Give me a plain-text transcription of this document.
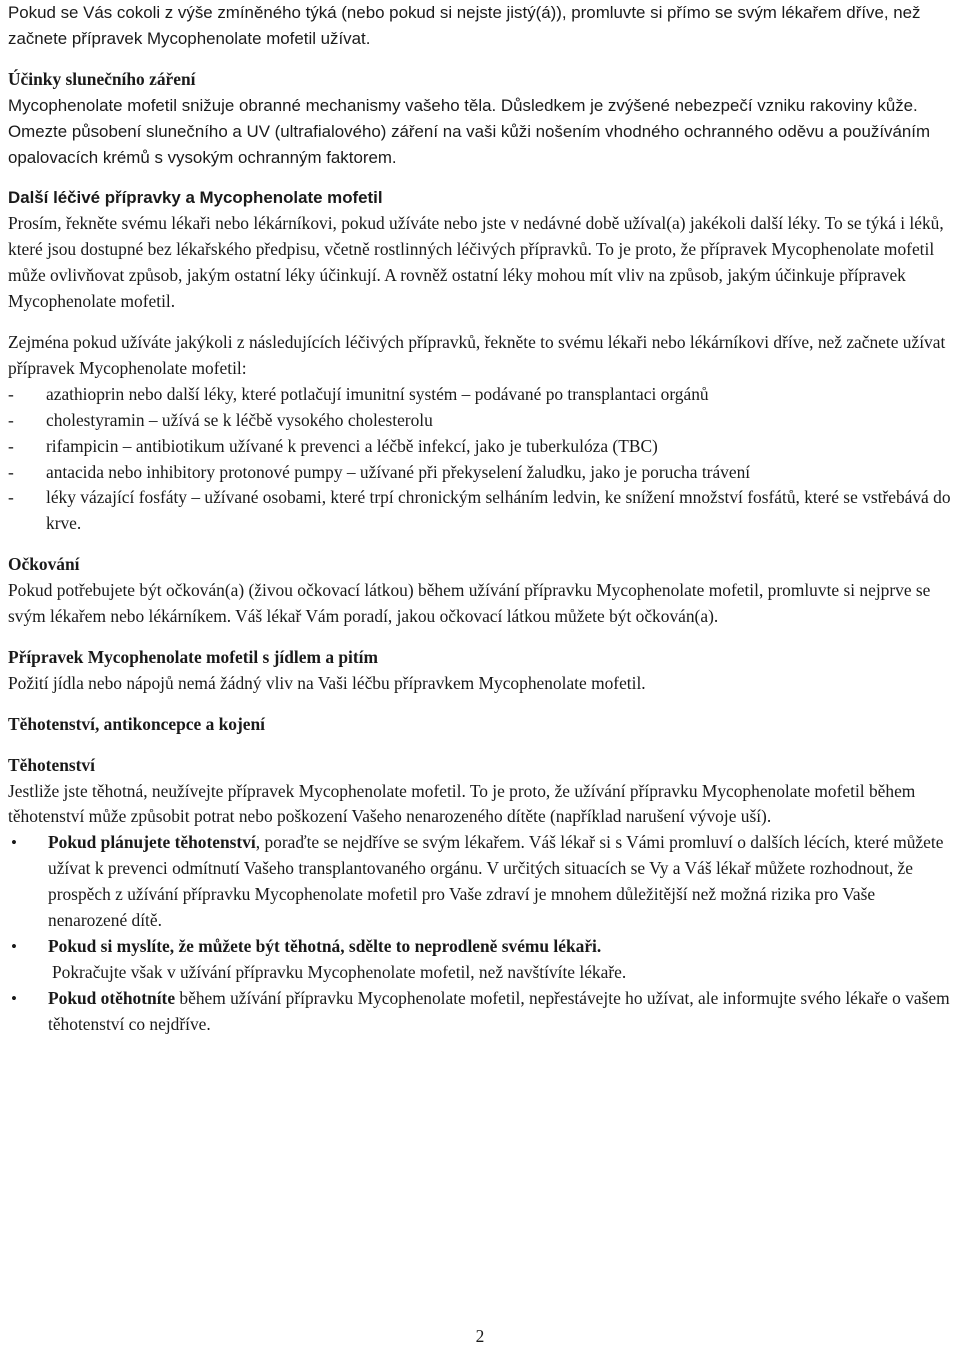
Pokud se Vás cokoli z výše zmíněného týká (nebo pokud si nejste jistý(á)), promluvte si přímo se svým lékařem dříve, než začnete přípravek Mycophenolate mofetil užívat.

Účinky slunečního záření

Mycophenolate mofetil snižuje obranné mechanismy vašeho těla. Důsledkem je zvýšené nebezpečí vzniku rakoviny kůže. Omezte působení slunečního a UV (ultrafialového) záření na vaši kůži nošením vhodného ochranného oděvu a používáním opalovacích krémů s vysokým ochranným faktorem.

Další léčivé přípravky a Mycophenolate mofetil

Prosím, řekněte svému lékaři nebo lékárníkovi, pokud užíváte nebo jste v nedávné době užíval(a) jakékoli další léky. To se týká i léků, které jsou dostupné bez lékařského předpisu, včetně rostlinných léčivých přípravků. To je proto, že přípravek Mycophenolate mofetil může ovlivňovat způsob, jakým ostatní léky účinkují. A rovněž ostatní léky mohou mít vliv na způsob, jakým účinkuje přípravek Mycophenolate mofetil.

Zejména pokud užíváte jakýkoli z následujících léčivých přípravků, řekněte to svému lékaři nebo lékárníkovi dříve, než začnete užívat přípravek Mycophenolate mofetil:

- azathioprin nebo další léky, které potlačují imunitní systém – podávané po transplantaci orgánů
- cholestyramin – užívá se k léčbě vysokého cholesterolu
- rifampicin – antibiotikum užívané k prevenci a léčbě infekcí, jako je tuberkulóza (TBC)
- antacida nebo inhibitory protonové pumpy – užívané při překyselení žaludku, jako je porucha trávení
- léky vázající fosfáty – užívané osobami, které trpí chronickým selháním ledvin, ke snížení množství fosfátů, které se vstřebává do krve.

Očkování

Pokud potřebujete být očkován(a) (živou očkovací látkou) během užívání přípravku Mycophenolate mofetil, promluvte si nejprve se svým lékařem nebo lékárníkem. Váš lékař Vám poradí, jakou očkovací látkou můžete být očkován(a).

Přípravek Mycophenolate mofetil s jídlem a pitím

Požití jídla nebo nápojů nemá žádný vliv na Vaši léčbu přípravkem Mycophenolate mofetil.

Těhotenství, antikoncepce a kojení

Těhotenství

Jestliže jste těhotná, neužívejte přípravek Mycophenolate mofetil. To je proto, že užívání přípravku Mycophenolate mofetil během těhotenství může způsobit potrat nebo poškození Vašeho nenarozeného dítěte (například narušení vývoje uší).

• Pokud plánujete těhotenství, poraďte se nejdříve se svým lékařem. Váš lékař si s Vámi promluví o dalších lécích, které můžete užívat k prevenci odmítnutí Vašeho transplantovaného orgánu. V určitých situacích se Vy a Váš lékař můžete rozhodnout, že prospěch z užívání přípravku Mycophenolate mofetil pro Vaše zdraví je mnohem důležitější než možná rizika pro Vaše nenarozené dítě.
• Pokud si myslíte, že můžete být těhotná, sdělte to neprodleně svému lékaři.

Pokračujte však v užívání přípravku Mycophenolate mofetil, než navštívíte lékaře.

• Pokud otěhotníte během užívání přípravku Mycophenolate mofetil, nepřestávejte ho užívat, ale informujte svého lékaře o vašem těhotenství co nejdříve.
2
